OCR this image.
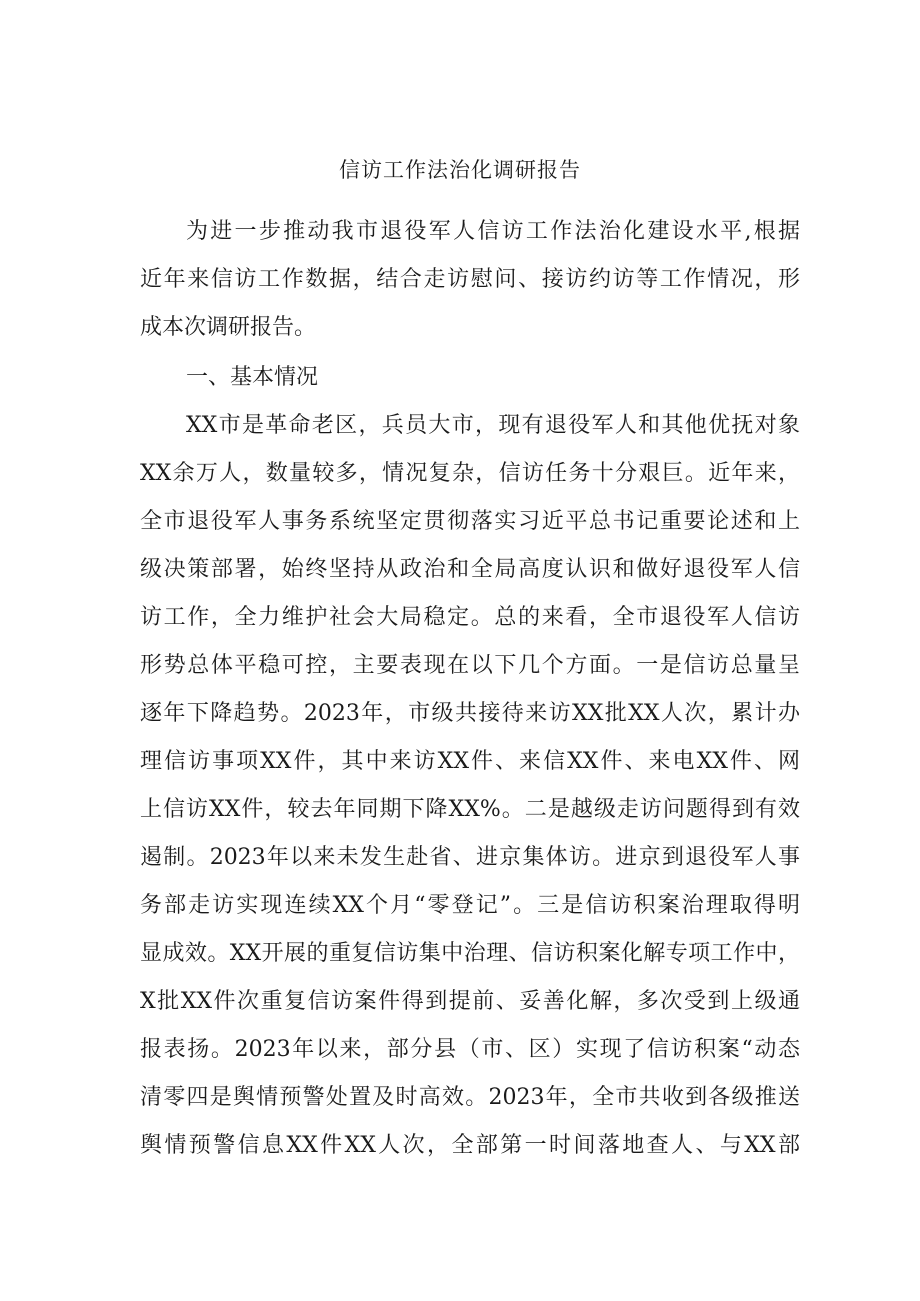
信访工作法治化调研报告
为进一步推动我市退役军人信访工作法治化建设水平,根据
近年来信访工作数据，结合走访慰问、接访约访等工作情况，形
成本次调研报告。
一、基本情况
XX市是革命老区，兵员大市，现有退役军人和其他优抚对象
XX余万人，数量较多，情况复杂，信访任务十分艰巨。近年来，
全市退役军人事务系统坚定贯彻落实习近平总书记重要论述和上
级决策部署，始终坚持从政治和全局高度认识和做好退役军人信
访工作，全力维护社会大局稳定。总的来看，全市退役军人信访
形势总体平稳可控，主要表现在以下几个方面。一是信访总量呈
逐年下降趋势。2023年，市级共接待来访XX批XX人次，累计办
理信访事项XX件，其中来访XX件、来信XX件、来电XX件、网
上信访XX件，较去年同期下降XX%。二是越级走访问题得到有效
遏制。2023年以来未发生赴省、进京集体访。进京到退役军人事
务部走访实现连续XX个月“零登记”。三是信访积案治理取得明
显成效。XX开展的重复信访集中治理、信访积案化解专项工作中，
X批XX件次重复信访案件得到提前、妥善化解，多次受到上级通
报表扬。2023年以来，部分县（市、区）实现了信访积案“动态
清零四是舆情预警处置及时高效。2023年，全市共收到各级推送
舆情预警信息XX件XX人次，全部第一时间落地查人、与XX部
